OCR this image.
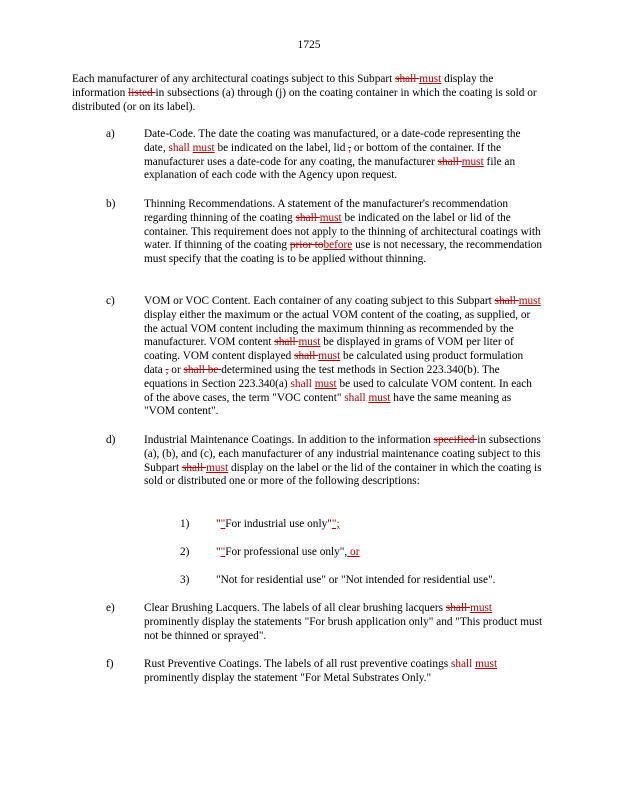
1725
Each manufacturer of any architectural coatings subject to this Subpart shall must display the information listed in subsections (a) through (j) on the coating container in which the coating is sold or distributed (or on its label).
a)	Date-Code. The date the coating was manufactured, or a date-code representing the date, shall must be indicated on the label, lid , or bottom of the container. If the manufacturer uses a date-code for any coating, the manufacturer shall must file an explanation of each code with the Agency upon request.
b)	Thinning Recommendations. A statement of the manufacturer's recommendation regarding thinning of the coating shall must be indicated on the label or lid of the container. This requirement does not apply to the thinning of architectural coatings with water. If thinning of the coating prior tobefore use is not necessary, the recommendation must specify that the coating is to be applied without thinning.
c)	VOM or VOC Content. Each container of any coating subject to this Subpart shall must display either the maximum or the actual VOM content of the coating, as supplied, or the actual VOM content including the maximum thinning as recommended by the manufacturer. VOM content shall must be displayed in grams of VOM per liter of coating. VOM content displayed shall must be calculated using product formulation data , or shall be determined using the test methods in Section 223.340(b). The equations in Section 223.340(a) shall must be used to calculate VOM content. In each of the above cases, the term "VOC content" shall must have the same meaning as "VOM content".
d)	Industrial Maintenance Coatings. In addition to the information specified in subsections (a), (b), and (c), each manufacturer of any industrial maintenance coating subject to this Subpart shall must display on the label or the lid of the container in which the coating is sold or distributed one or more of the following descriptions:
1) ""For industrial use only"";
2) ""For professional use only", or
3) "Not for residential use" or "Not intended for residential use".
e)	Clear Brushing Lacquers. The labels of all clear brushing lacquers shall must prominently display the statements "For brush application only" and "This product must not be thinned or sprayed".
f)	Rust Preventive Coatings. The labels of all rust preventive coatings shall must prominently display the statement "For Metal Substrates Only."
